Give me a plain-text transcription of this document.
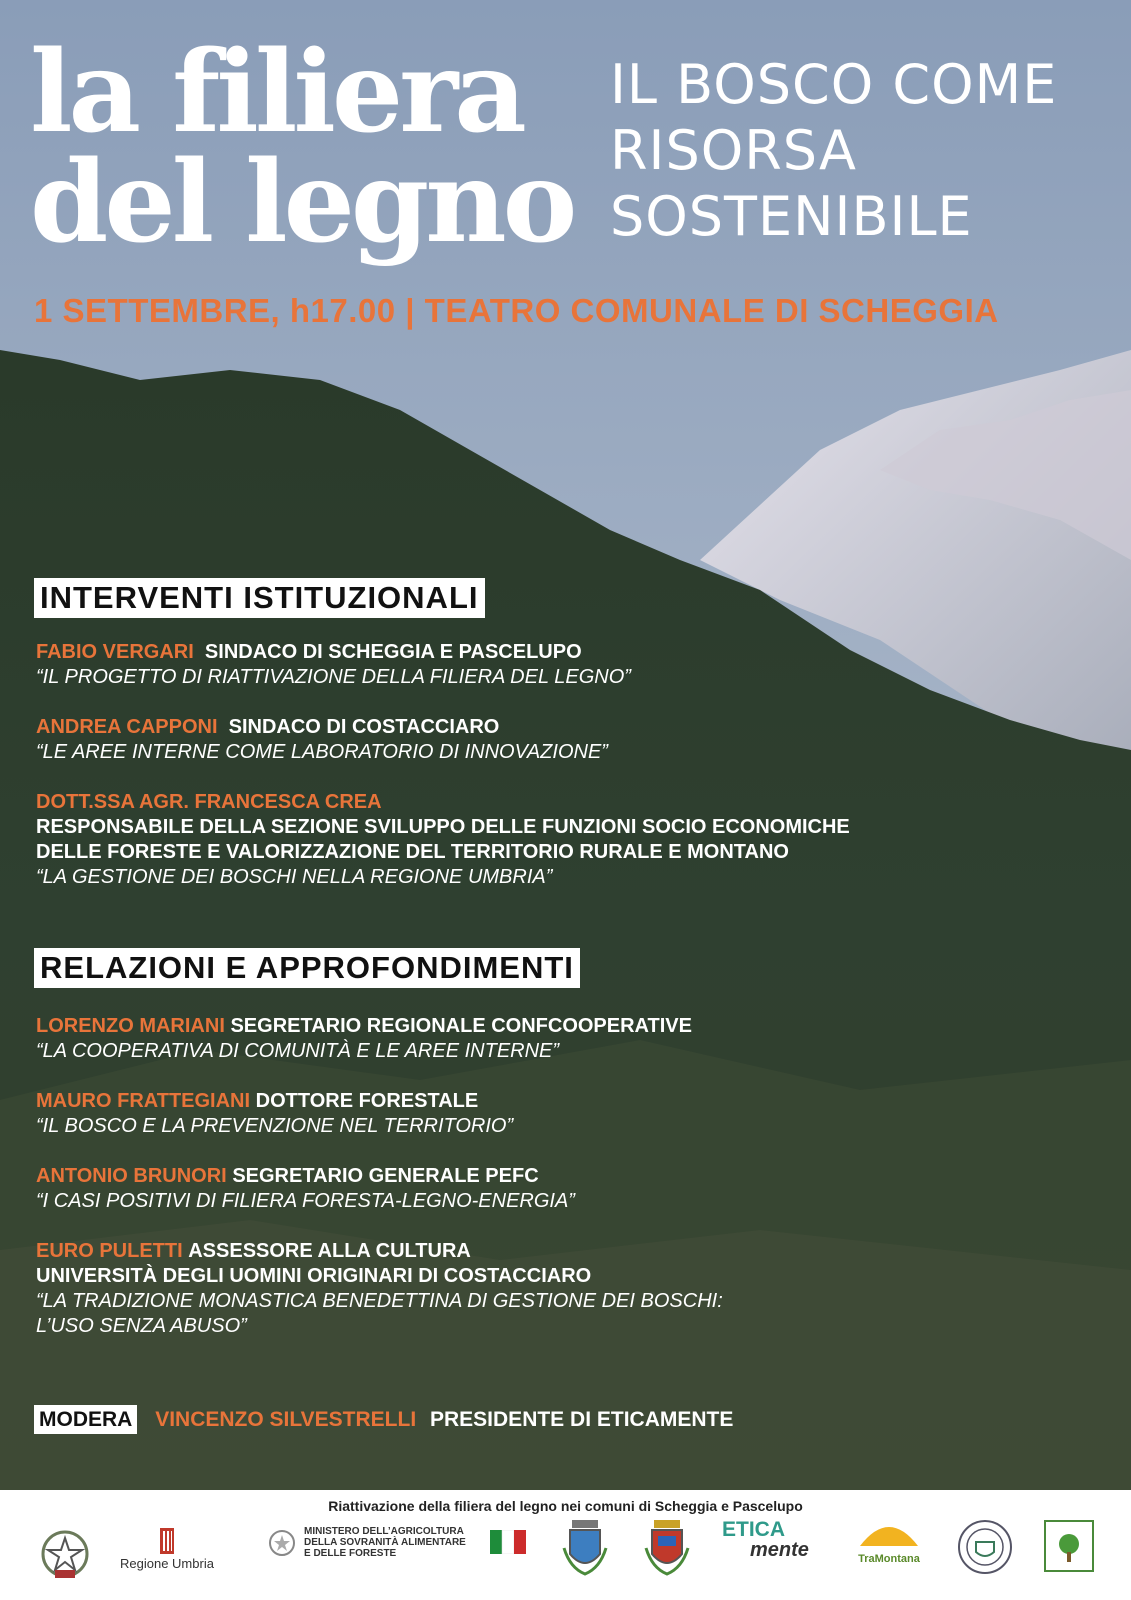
la filiera
del legno
IL BOSCO COME
RISORSA
SOSTENIBILE
1 SETTEMBRE, h17.00 | TEATRO COMUNALE DI SCHEGGIA
INTERVENTI ISTITUZIONALI
FABIO VERGARI SINDACO DI SCHEGGIA E PASCELUPO
“IL PROGETTO DI RIATTIVAZIONE DELLA FILIERA DEL LEGNO”
ANDREA CAPPONI SINDACO DI COSTACCIARO
“LE AREE INTERNE COME LABORATORIO DI INNOVAZIONE”
DOTT.SSA AGR. FRANCESCA CREA
RESPONSABILE DELLA SEZIONE SVILUPPO DELLE FUNZIONI SOCIO ECONOMICHE
DELLE FORESTE E VALORIZZAZIONE DEL TERRITORIO RURALE E MONTANO
“LA GESTIONE DEI BOSCHI NELLA REGIONE UMBRIA”
RELAZIONI E APPROFONDIMENTI
LORENZO MARIANI SEGRETARIO REGIONALE CONFCOOPERATIVE
“LA COOPERATIVA DI COMUNITÀ E LE AREE INTERNE”
MAURO FRATTEGIANI DOTTORE FORESTALE
“IL BOSCO E LA PREVENZIONE NEL TERRITORIO”
ANTONIO BRUNORI SEGRETARIO GENERALE PEFC
“I CASI POSITIVI DI FILIERA FORESTA-LEGNO-ENERGIA”
EURO PULETTI ASSESSORE ALLA CULTURA
UNIVERSITÀ DEGLI UOMINI ORIGINARI DI COSTACCIARO
“LA TRADIZIONE MONASTICA BENEDETTINA DI GESTIONE DEI BOSCHI:
L’USO SENZA ABUSO”
MODERA VINCENZO SILVESTRELLI PRESIDENTE DI ETICAMENTE
Riattivazione della filiera del legno nei comuni di Scheggia e Pascelupo
Regione Umbria
MINISTERO DELL’AGRICOLTURA
DELLA SOVRANITÀ ALIMENTARE
E DELLE FORESTE
ETICA
mente	TraMontana
